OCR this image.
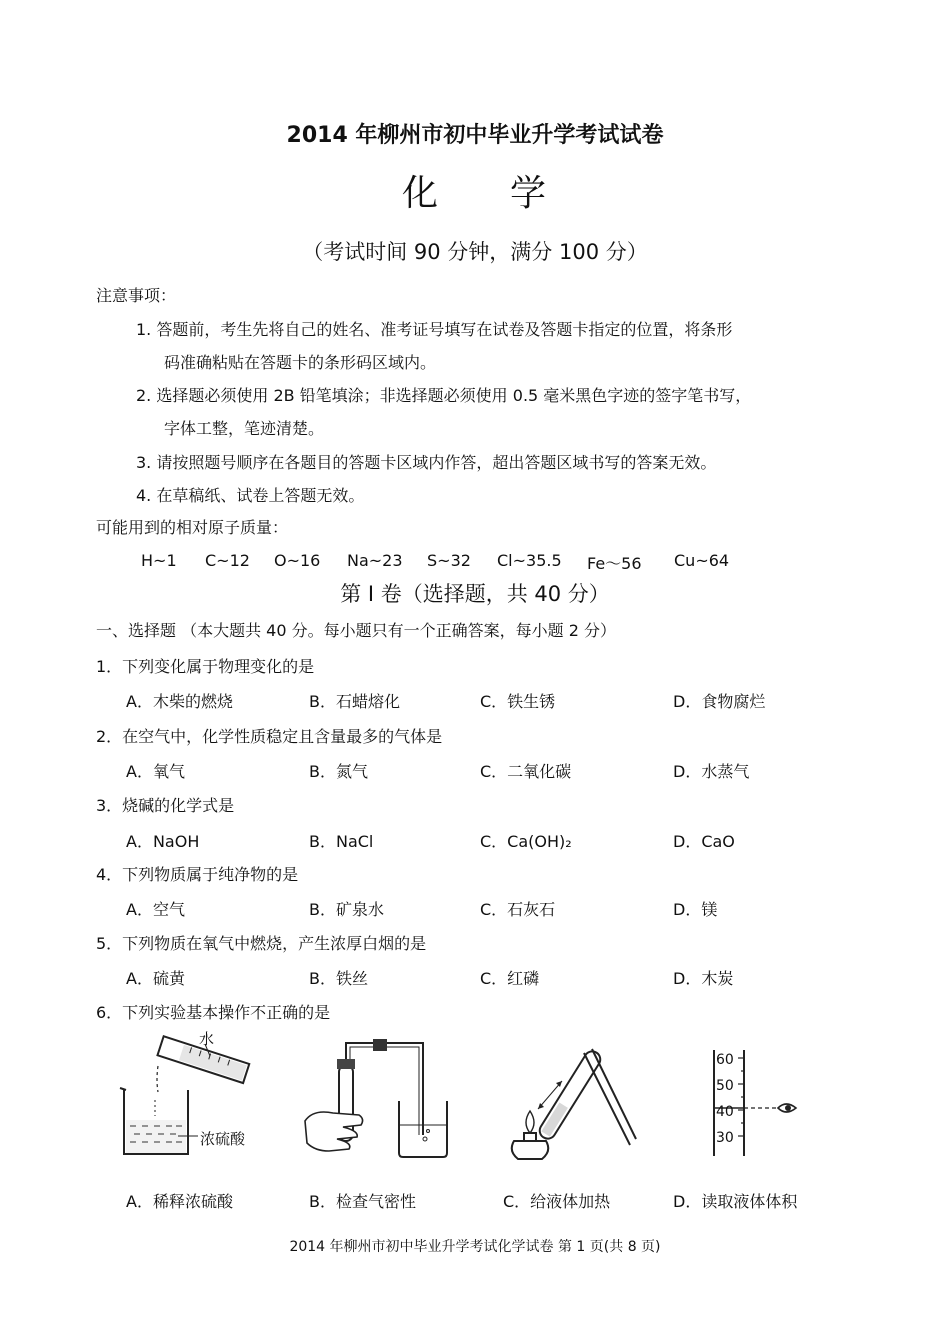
2014 年柳州市初中毕业升学考试试卷
化 学
（考试时间 90 分钟，满分 100 分）
注意事项：
1. 答题前，考生先将自己的姓名、准考证号填写在试卷及答题卡指定的位置，将条形
码准确粘贴在答题卡的条形码区域内。
2. 选择题必须使用 2B 铅笔填涂；非选择题必须使用 0.5 毫米黑色字迹的签字笔书写，
字体工整，笔迹清楚。
3. 请按照题号顺序在各题目的答题卡区域内作答，超出答题区域书写的答案无效。
4. 在草稿纸、试卷上答题无效。
可能用到的相对原子质量：
H~1 C~12 O~16 Na~23 S~32 Cl~35.5 Fe～56 Cu~64
第 I 卷（选择题，共 40 分）
一、选择题 （本大题共 40 分。每小题只有一个正确答案，每小题 2 分）
1．下列变化属于物理变化的是
A．木柴的燃烧	B．石蜡熔化	C．铁生锈	D．食物腐烂
2．在空气中，化学性质稳定且含量最多的气体是
A．氧气	B．氮气	C．二氧化碳	D．水蒸气
3．烧碱的化学式是
A．NaOH	B．NaCl	C．Ca(OH)₂	D．CaO
4．下列物质属于纯净物的是
A．空气	B．矿泉水	C．石灰石	D．镁
5．下列物质在氧气中燃烧，产生浓厚白烟的是
A．硫黄	B．铁丝	C．红磷	D．木炭
6．下列实验基本操作不正确的是
水
浓硫酸
60
50
40
30
A．稀释浓硫酸	B．检查气密性	C．给液体加热	D．读取液体体积
2014 年柳州市初中毕业升学考试化学试卷 第 1 页(共 8 页)
